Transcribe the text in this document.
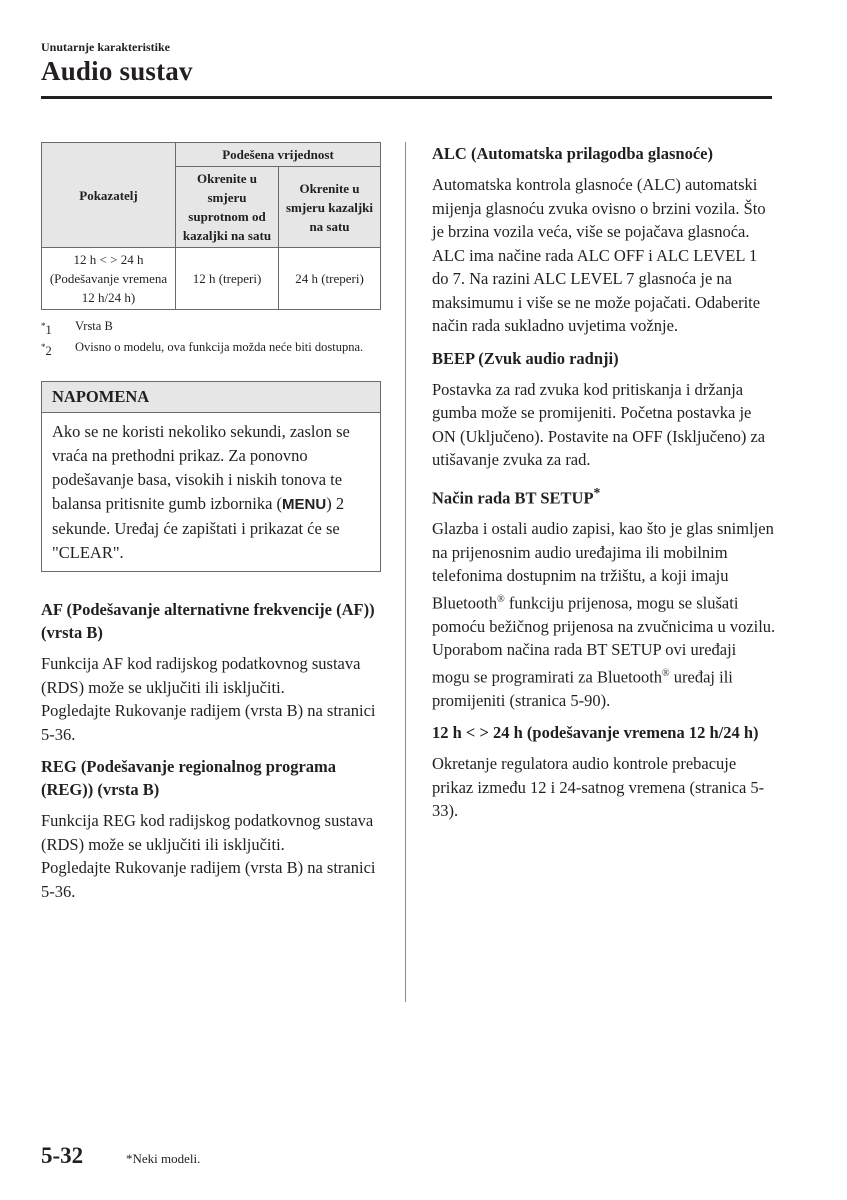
Unutarnje karakteristike
Audio sustav
Pokazatelj	Podešena vrijednost	
	Okrenite u smjeru suprotnom od kazaljki na satu	Okrenite u smjeru kazaljki na satu

12 h < > 24 h
(Podešavanje vremena 12 h/24 h)	12 h (treperi)	24 h (treperi)
*1	Vrsta B
*2	Ovisno o modelu, ova funkcija možda neće biti dostupna.
NAPOMENA
Ako se ne koristi nekoliko sekundi, zaslon se vraća na prethodni prikaz. Za ponovno podešavanje basa, visokih i niskih tonova te balansa pritisnite gumb izbornika (MENU) 2 sekunde. Uređaj će zapištati i prikazat će se "CLEAR".
AF (Podešavanje alternativne frekvencije (AF)) (vrsta B)
Funkcija AF kod radijskog podatkovnog sustava (RDS) može se uključiti ili isključiti.
Pogledajte Rukovanje radijem (vrsta B) na stranici 5-36.
REG (Podešavanje regionalnog programa (REG)) (vrsta B)
Funkcija REG kod radijskog podatkovnog sustava (RDS) može se uključiti ili isključiti.
Pogledajte Rukovanje radijem (vrsta B) na stranici 5-36.
ALC (Automatska prilagodba glasnoće)
Automatska kontrola glasnoće (ALC) automatski mijenja glasnoću zvuka ovisno o brzini vozila. Što je brzina vozila veća, više se pojačava glasnoća. ALC ima načine rada ALC OFF i ALC LEVEL 1 do 7. Na razini ALC LEVEL 7 glasnoća je na maksimumu i više se ne može pojačati. Odaberite način rada sukladno uvjetima vožnje.
BEEP (Zvuk audio radnji)
Postavka za rad zvuka kod pritiskanja i držanja gumba može se promijeniti. Početna postavka je ON (Uključeno). Postavite na OFF (Isključeno) za utišavanje zvuka za rad.
Način rada BT SETUP*
Glazba i ostali audio zapisi, kao što je glas snimljen na prijenosnim audio uređajima ili mobilnim telefonima dostupnim na tržištu, a koji imaju Bluetooth® funkciju prijenosa, mogu se slušati pomoću bežičnog prijenosa na zvučnicima u vozilu. Uporabom načina rada BT SETUP ovi uređaji mogu se programirati za Bluetooth® uređaj ili promijeniti (stranica 5-90).
12 h < > 24 h (podešavanje vremena 12 h/24 h)
Okretanje regulatora audio kontrole prebacuje prikaz između 12 i 24-satnog vremena (stranica 5-33).
5-32	*Neki modeli.
